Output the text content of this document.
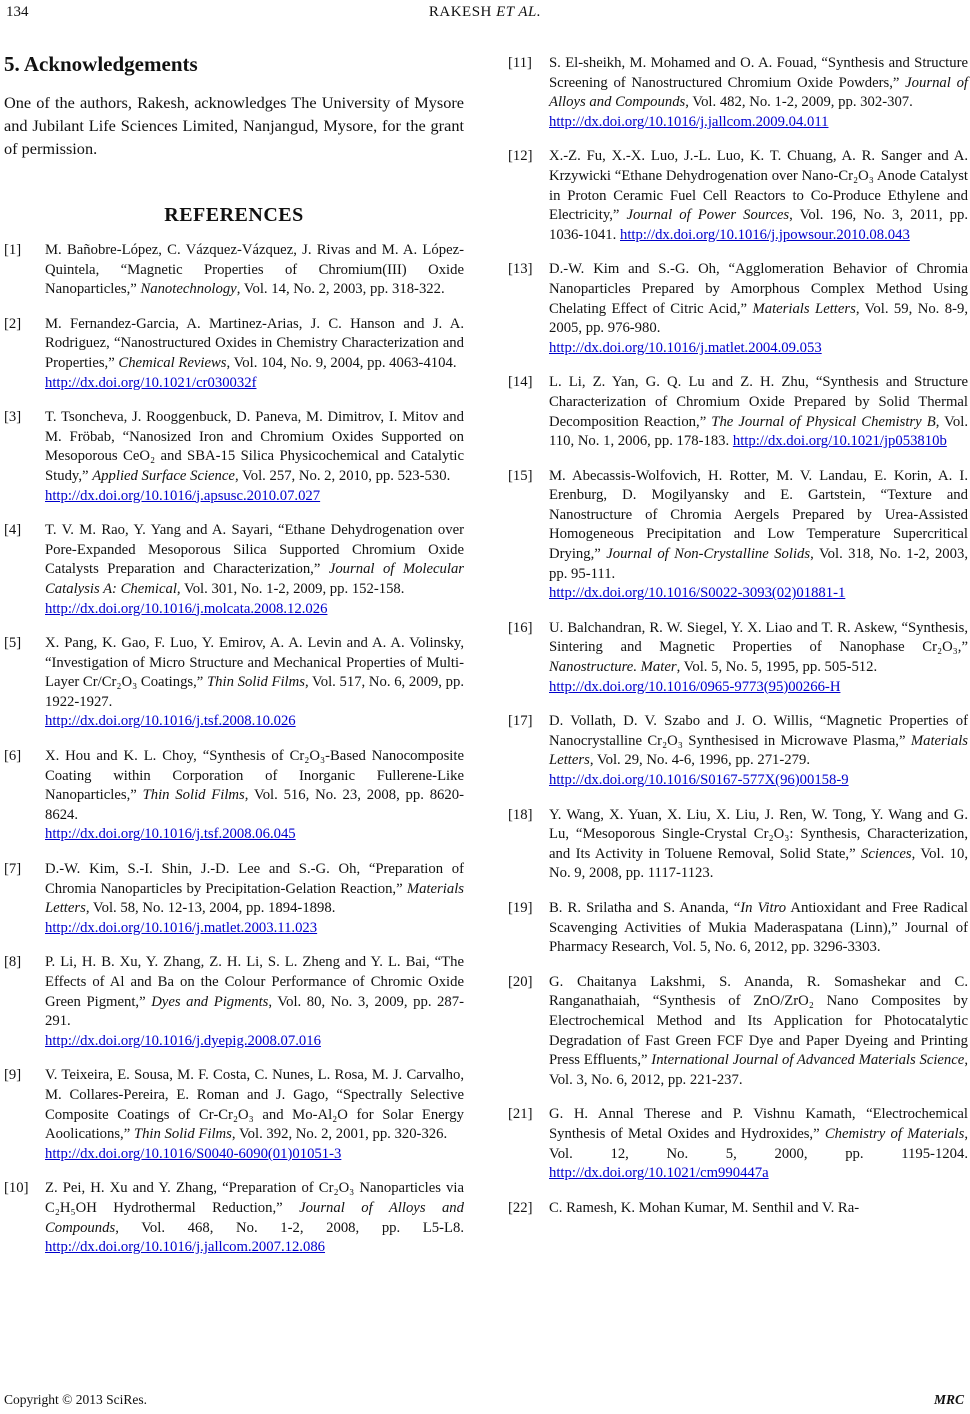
134	RAKESH ET AL.
5. Acknowledgements

One of the authors, Rakesh, acknowledges The University of Mysore and Jubilant Life Sciences Limited, Nanjangud, Mysore, for the grant of permission.

REFERENCES
[1]	M. Bañobre-López, C. Vázquez-Vázquez, J. Rivas and M. A. López-Quintela, “Magnetic Properties of Chromium(III) Oxide Nanoparticles,” Nanotechnology, Vol. 14, No. 2, 2003, pp. 318-322.
[2]	M. Fernandez-Garcia, A. Martinez-Arias, J. C. Hanson and J. A. Rodriguez, “Nanostructured Oxides in Chemistry Characterization and Properties,” Chemical Reviews, Vol. 104, No. 9, 2004, pp. 4063-4104.
http://dx.doi.org/10.1021/cr030032f
[3]	T. Tsoncheva, J. Rooggenbuck, D. Paneva, M. Dimitrov, I. Mitov and M. Fröbab, “Nanosized Iron and Chromium Oxides Supported on Mesoporous CeO₂ and SBA-15 Silica Physicochemical and Catalytic Study,” Applied Surface Science, Vol. 257, No. 2, 2010, pp. 523-530.
http://dx.doi.org/10.1016/j.apsusc.2010.07.027
[4]	T. V. M. Rao, Y. Yang and A. Sayari, “Ethane Dehydrogenation over Pore-Expanded Mesoporous Silica Supported Chromium Oxide Catalysts Preparation and Characterization,” Journal of Molecular Catalysis A: Chemical, Vol. 301, No. 1-2, 2009, pp. 152-158.
http://dx.doi.org/10.1016/j.molcata.2008.12.026
[5]	X. Pang, K. Gao, F. Luo, Y. Emirov, A. A. Levin and A. A. Volinsky, “Investigation of Micro Structure and Mechanical Properties of Multi-Layer Cr/Cr₂O₃ Coatings,” Thin Solid Films, Vol. 517, No. 6, 2009, pp. 1922-1927.
http://dx.doi.org/10.1016/j.tsf.2008.10.026
[6]	X. Hou and K. L. Choy, “Synthesis of Cr₂O₃-Based Nanocomposite Coating within Corporation of Inorganic Fullerene-Like Nanoparticles,” Thin Solid Films, Vol. 516, No. 23, 2008, pp. 8620-8624.
http://dx.doi.org/10.1016/j.tsf.2008.06.045
[7]	D.-W. Kim, S.-I. Shin, J.-D. Lee and S.-G. Oh, “Preparation of Chromia Nanoparticles by Precipitation-Gelation Reaction,” Materials Letters, Vol. 58, No. 12-13, 2004, pp. 1894-1898.
http://dx.doi.org/10.1016/j.matlet.2003.11.023
[8]	P. Li, H. B. Xu, Y. Zhang, Z. H. Li, S. L. Zheng and Y. L. Bai, “The Effects of Al and Ba on the Colour Performance of Chromic Oxide Green Pigment,” Dyes and Pigments, Vol. 80, No. 3, 2009, pp. 287-291.
http://dx.doi.org/10.1016/j.dyepig.2008.07.016
[9]	V. Teixeira, E. Sousa, M. F. Costa, C. Nunes, L. Rosa, M. J. Carvalho, M. Collares-Pereira, E. Roman and J. Gago, “Spectrally Selective Composite Coatings of Cr-Cr₂O₃ and Mo-Al₂O for Solar Energy Aoolications,” Thin Solid Films, Vol. 392, No. 2, 2001, pp. 320-326.
http://dx.doi.org/10.1016/S0040-6090(01)01051-3
[10]	Z. Pei, H. Xu and Y. Zhang, “Preparation of Cr₂O₃ Nanoparticles via C₂H₅OH Hydrothermal Reduction,” Journal of Alloys and Compounds, Vol. 468, No. 1-2, 2008, pp. L5-L8. http://dx.doi.org/10.1016/j.jallcom.2007.12.086
[11]	S. El-sheikh, M. Mohamed and O. A. Fouad, “Synthesis and Structure Screening of Nanostructured Chromium Oxide Powders,” Journal of Alloys and Compounds, Vol. 482, No. 1-2, 2009, pp. 302-307.
http://dx.doi.org/10.1016/j.jallcom.2009.04.011
[12]	X.-Z. Fu, X.-X. Luo, J.-L. Luo, K. T. Chuang, A. R. Sanger and A. Krzywicki “Ethane Dehydrogenation over Nano-Cr₂O₃ Anode Catalyst in Proton Ceramic Fuel Cell Reactors to Co-Produce Ethylene and Electricity,” Journal of Power Sources, Vol. 196, No. 3, 2011, pp. 1036-1041. http://dx.doi.org/10.1016/j.jpowsour.2010.08.043
[13]	D.-W. Kim and S.-G. Oh, “Agglomeration Behavior of Chromia Nanoparticles Prepared by Amorphous Complex Method Using Chelating Effect of Citric Acid,” Materials Letters, Vol. 59, No. 8-9, 2005, pp. 976-980.
http://dx.doi.org/10.1016/j.matlet.2004.09.053
[14]	L. Li, Z. Yan, G. Q. Lu and Z. H. Zhu, “Synthesis and Structure Characterization of Chromium Oxide Prepared by Solid Thermal Decomposition Reaction,” The Journal of Physical Chemistry B, Vol. 110, No. 1, 2006, pp. 178-183. http://dx.doi.org/10.1021/jp053810b
[15]	M. Abecassis-Wolfovich, H. Rotter, M. V. Landau, E. Korin, A. I. Erenburg, D. Mogilyansky and E. Gartstein, “Texture and Nanostructure of Chromia Aergels Prepared by Urea-Assisted Homogeneous Precipitation and Low Temperature Supercritical Drying,” Journal of Non-Crystalline Solids, Vol. 318, No. 1-2, 2003, pp. 95-111.
http://dx.doi.org/10.1016/S0022-3093(02)01881-1
[16]	U. Balchandran, R. W. Siegel, Y. X. Liao and T. R. Askew, “Synthesis, Sintering and Magnetic Properties of Nanophase Cr₂O₃,” Nanostructure. Mater, Vol. 5, No. 5, 1995, pp. 505-512.
http://dx.doi.org/10.1016/0965-9773(95)00266-H
[17]	D. Vollath, D. V. Szabo and J. O. Willis, “Magnetic Properties of Nanocrystalline Cr₂O₃ Synthesised in Microwave Plasma,” Materials Letters, Vol. 29, No. 4-6, 1996, pp. 271-279.
http://dx.doi.org/10.1016/S0167-577X(96)00158-9
[18]	Y. Wang, X. Yuan, X. Liu, X. Liu, J. Ren, W. Tong, Y. Wang and G. Lu, “Mesoporous Single-Crystal Cr₂O₃: Synthesis, Characterization, and Its Activity in Toluene Removal, Solid State,” Sciences, Vol. 10, No. 9, 2008, pp. 1117-1123.
[19]	B. R. Srilatha and S. Ananda, “In Vitro Antioxidant and Free Radical Scavenging Activities of Mukia Maderaspatana (Linn),” Journal of Pharmacy Research, Vol. 5, No. 6, 2012, pp. 3296-3303.
[20]	G. Chaitanya Lakshmi, S. Ananda, R. Somashekar and C. Ranganathaiah, “Synthesis of ZnO/ZrO₂ Nano Composites by Electrochemical Method and Its Application for Photocatalytic Degradation of Fast Green FCF Dye and Paper Dyeing and Printing Press Effluents,” International Journal of Advanced Materials Science, Vol. 3, No. 6, 2012, pp. 221-237.
[21]	G. H. Annal Therese and P. Vishnu Kamath, “Electrochemical Synthesis of Metal Oxides and Hydroxides,” Chemistry of Materials, Vol. 12, No. 5, 2000, pp. 1195-1204. http://dx.doi.org/10.1021/cm990447a
[22]	C. Ramesh, K. Mohan Kumar, M. Senthil and V. Ra-
Copyright © 2013 SciRes.	MRC
